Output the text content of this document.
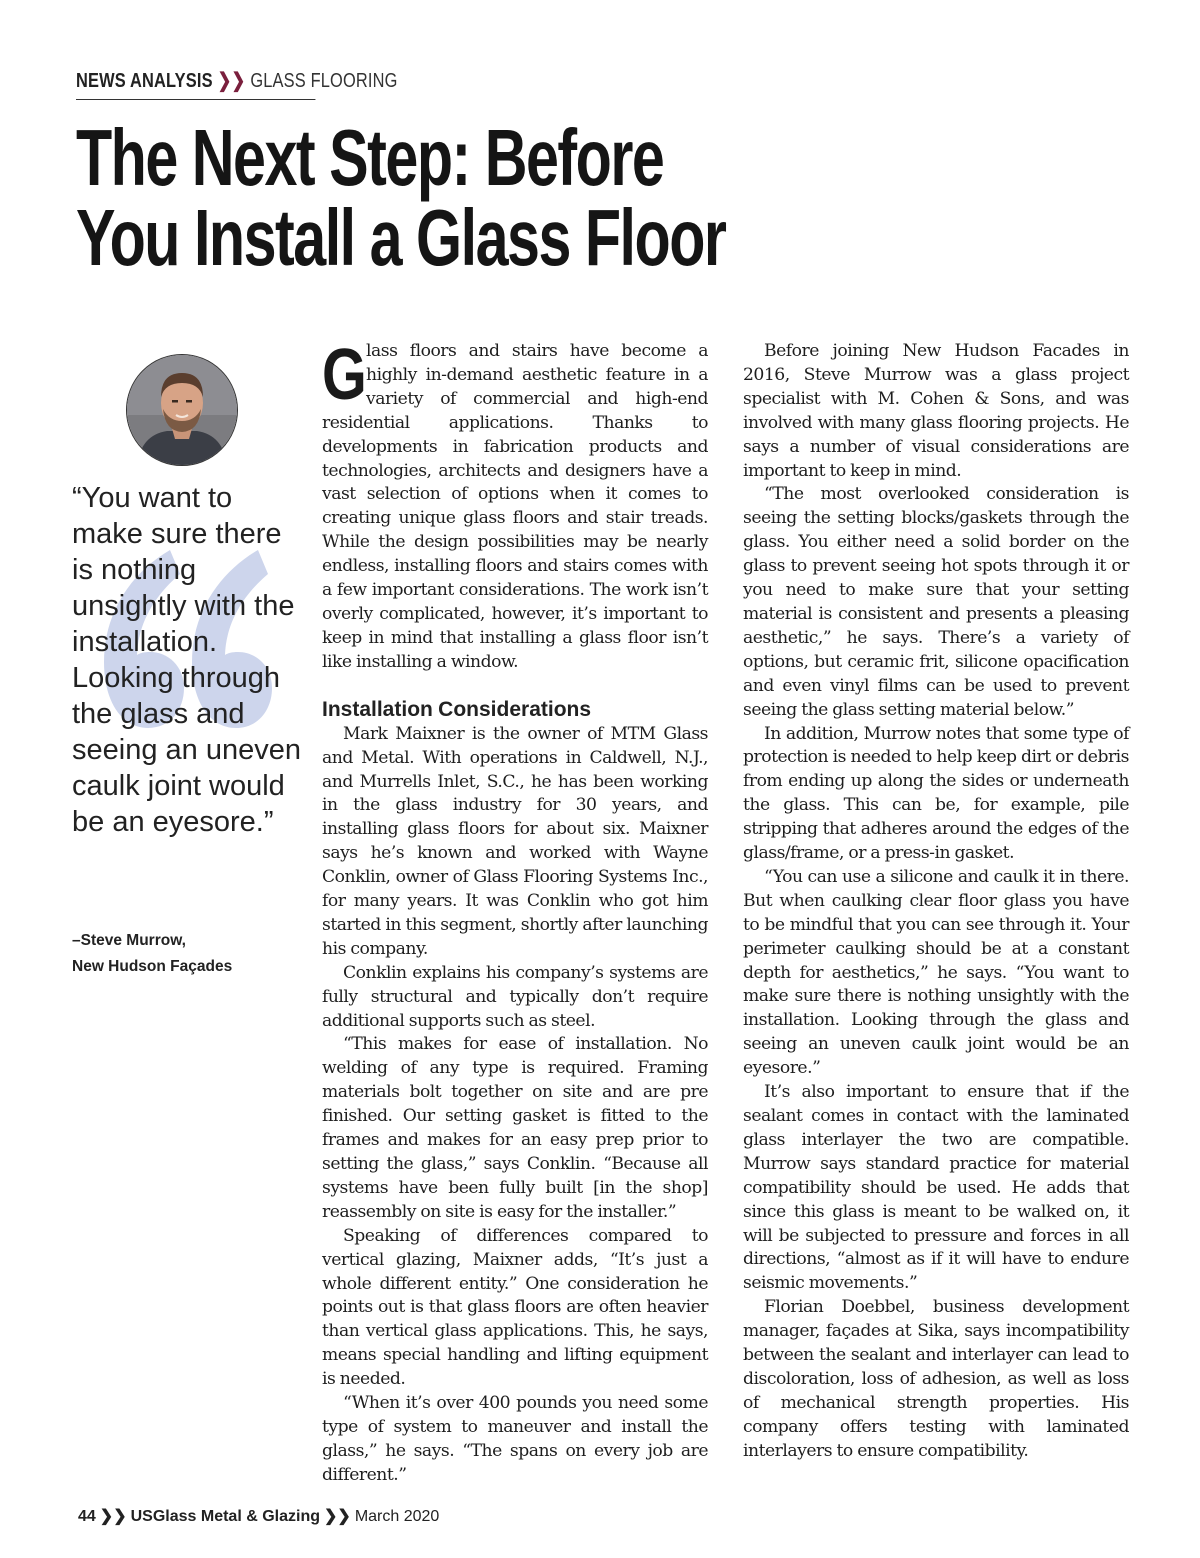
NEWS ANALYSIS ❯❯ GLASS FLOORING
The Next Step: Before
You Install a Glass Floor

“You want to make sure there is nothing unsightly with the installation. Looking through the glass and seeing an uneven caulk joint would be an eyesore.”

–Steve Murrow,
New Hudson Façades

Glass floors and stairs have become a highly in-demand aesthetic feature in a variety of commercial and high-end residential applications. Thanks to developments in fabrication products and technologies, architects and designers have a vast selection of options when it comes to creating unique glass floors and stair treads. While the design possibilities may be nearly endless, installing floors and stairs comes with a few important considerations. The work isn’t overly complicated, however, it’s important to keep in mind that installing a glass floor isn’t like installing a window.

Installation Considerations

Mark Maixner is the owner of MTM Glass and Metal. With operations in Caldwell, N.J., and Murrells Inlet, S.C., he has been working in the glass industry for 30 years, and installing glass floors for about six. Maixner says he’s known and worked with Wayne Conklin, owner of Glass Flooring Systems Inc., for many years. It was Conklin who got him started in this segment, shortly after launching his company.

Conklin explains his company’s systems are fully structural and typically don’t require additional supports such as steel.

“This makes for ease of installation. No welding of any type is required. Framing materials bolt together on site and are pre finished. Our setting gasket is fitted to the frames and makes for an easy prep prior to setting the glass,” says Conklin. “Because all systems have been fully built [in the shop] reassembly on site is easy for the installer.”

Speaking of differences compared to vertical glazing, Maixner adds, “It’s just a whole different entity.” One consideration he points out is that glass floors are often heavier than vertical glass applications. This, he says, means special handling and lifting equipment is needed.

“When it’s over 400 pounds you need some type of system to maneuver and install the glass,” he says. “The spans on every job are different.”

Before joining New Hudson Facades in 2016, Steve Murrow was a glass project specialist with M. Cohen & Sons, and was involved with many glass flooring projects. He says a number of visual considerations are important to keep in mind.

“The most overlooked consideration is seeing the setting blocks/gaskets through the glass. You either need a solid border on the glass to prevent seeing hot spots through it or you need to make sure that your setting material is consistent and presents a pleasing aesthetic,” he says. There’s a variety of options, but ceramic frit, silicone opacification and even vinyl films can be used to prevent seeing the glass setting material below.”

In addition, Murrow notes that some type of protection is needed to help keep dirt or debris from ending up along the sides or underneath the glass. This can be, for example, pile stripping that adheres around the edges of the glass/frame, or a press-in gasket.

“You can use a silicone and caulk it in there. But when caulking clear floor glass you have to be mindful that you can see through it. Your perimeter caulking should be at a constant depth for aesthetics,” he says. “You want to make sure there is nothing unsightly with the installation. Looking through the glass and seeing an uneven caulk joint would be an eyesore.”

It’s also important to ensure that if the sealant comes in contact with the laminated glass interlayer the two are compatible. Murrow says standard practice for material compatibility should be used. He adds that since this glass is meant to be walked on, it will be subjected to pressure and forces in all directions, “almost as if it will have to endure seismic movements.”

Florian Doebbel, business development manager, façades at Sika, says incompatibility between the sealant and interlayer can lead to discoloration, loss of adhesion, as well as loss of mechanical strength properties. His company offers testing with laminated interlayers to ensure compatibility.

44 ❯❯ USGlass Metal & Glazing ❯❯ March 2020
